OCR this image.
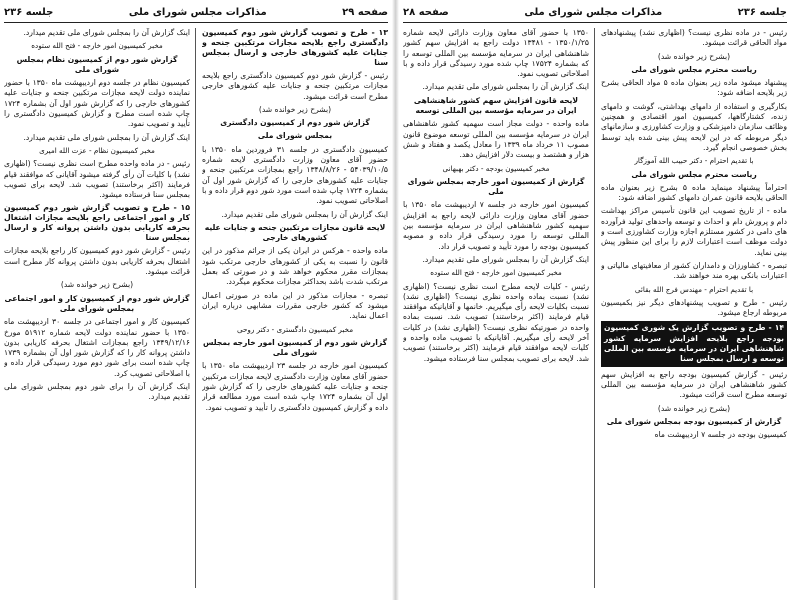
صفحه ۲۹
مذاکرات مجلس شورای ملی
جلسه ۲۳۶

۱۳ - طرح و تصویب گزارش شور دوم کمیسیون دادگستری راجع بلایحه مجازات مرتکبین جنحه و جنایات علیه کشورهای خارجی و ارسال بمجلس سنا

رئیس - گزارش شور دوم کمیسیون دادگستری راجع بلایحه مجازات مرتکبین جنحه و جنایات علیه کشورهای خارجی مطرح است قرائت میشود.

(بشرح زیر خوانده شد)

گزارش شور دوم از کمیسیون دادگستری

بمجلس شورای ملی

کمیسیون دادگستری در جلسه ۳۱ فروردین ماه ۱۳۵۰ با حضور آقای معاون وزارت دادگستری لایحه شماره ۵۴۰۳۹/۱۰/۵ - ۱۳۴۸/۸/۲۶ راجع بمجازات مرتکبین جنحه و جنایات علیه کشورهای خارجی را که گزارش شور اول آن بشماره ۱۷۲۴ چاپ شده است مورد شور دوم قرار داده و با اصلاحاتی تصویب نمود.

اینک گزارش آن را بمجلس شورای ملی تقدیم میدارد.

لایحه قانون مجازات مرتکبین جنحه و جنایات علیه کشورهای خارجی

ماده واحده - هرکس در ایران یکی از جرائم مذکور در این قانون را نسبت به یکی از کشورهای خارجی مرتکب شود بمجازات مقرر محکوم خواهد شد و در صورتی که بعمل مرتکب شدت باشد بحداکثر مجازات محکوم میگردد.

تبصره - مجازات مذکور در این ماده در صورتی اعمال میشود که کشور خارجی مقررات مشابهی درباره ایران اعمال نماید.

مخبر کمیسیون دادگستری - دکتر روحی

گزارش شور دوم از کمیسیون امور خارجه بمجلس شورای ملی

کمیسیون امور خارجه در جلسه ۲۳ اردیبهشت ماه ۱۳۵۰ با حضور آقای معاون وزارت دادگستری لایحه مجازات مرتکبین جنحه و جنایات علیه کشورهای خارجی را که گزارش شور اول آن بشماره ۱۷۲۴ چاپ شده است مورد مطالعه قرار داده و گزارش کمیسیون دادگستری را تأیید و تصویب نمود.

اینک گزارش آن را بمجلس شورای ملی تقدیم میدارد.

مخبر کمیسیون امور خارجه - فتح الله ستوده

گزارش شور دوم از کمیسیون نظام بمجلس شورای ملی

کمیسیون نظام در جلسه دوم اردیبهشت ماه ۱۳۵۰ با حضور نماینده دولت لایحه مجازات مرتکبین جنحه و جنایات علیه کشورهای خارجی را که گزارش شور اول آن بشماره ۱۷۲۴ چاپ شده است مطرح و گزارش کمیسیون دادگستری را تأیید و تصویب نمود.

اینک گزارش آن را بمجلس شورای ملی تقدیم میدارد.

مخبر کمیسیون نظام - عزت الله امیری

رئیس - در ماده واحده مطرح است نظری نیست؟ (اظهاری نشد) با کلیات آن رأی گرفته میشود آقایانی که موافقند قیام فرمایند (اکثر برخاستند) تصویب شد. لایحه برای تصویب بمجلس سنا فرستاده میشود.

۱۵ - طرح و تصویب گزارش شور دوم کمیسیون کار و امور اجتماعی راجع بلایحه مجازات اشتغال بحرفه کاریابی بدون داشتن پروانه کار و ارسال بمجلس سنا

رئیس - گزارش شور دوم کمیسیون کار راجع بلایحه مجازات اشتغال بحرفه کاریابی بدون داشتن پروانه کار مطرح است قرائت میشود.

(بشرح زیر خوانده شد)

گزارش شور دوم از کمیسیون کار و امور اجتماعی بمجلس شورای ملی

کمیسیون کار و امور اجتماعی در جلسه ۳۰ اردیبهشت ماه ۱۳۵۰ با حضور نماینده دولت لایحه شماره ۵۱۹۱۲ مورخ ۱۳۴۹/۱۲/۱۶ راجع بمجازات اشتغال بحرفه کاریابی بدون داشتن پروانه کار را که گزارش شور اول آن بشماره ۱۷۳۹ چاپ شده است برای شور دوم مورد رسیدگی قرار داده و با اصلاحاتی تصویب کرد.

اینک گزارش آن را برای شور دوم بمجلس شورای ملی تقدیم میدارد.

جلسه ۲۳۶
مذاکرات مجلس شورای ملی
صفحه ۲۸

رئیس - در ماده نظری نیست؟ (اظهاری نشد) پیشنهادهای مواد الحاقی قرائت میشود.

(بشرح زیر خوانده شد)

ریاست محترم مجلس شورای ملی

پیشنهاد میشود ماده زیر بعنوان ماده ۵ مواد الحاقی بشرح زیر بلایحه اضافه شود:

بکارگیری و استفاده از دامهای بهداشتی، گوشت و دامهای زنده، کشتارگاهها، کمیسیون امور اقتصادی و همچنین وظائف سازمان دامپزشکی و وزارت کشاورزی و سازمانهای دیگر مربوطه که در این لایحه پیش بینی شده باید توسط بخش خصوصی انجام گیرد.

با تقدیم احترام - دکتر حبیب الله آموزگار

ریاست محترم مجلس شورای ملی

احتراماً پیشنهاد مینماید ماده ۵ بشرح زیر بعنوان ماده الحاقی بلایحه قانون عمران دامهای کشور اضافه شود:

ماده - از تاریخ تصویب این قانون تأسیس مراکز بهداشت دام و پرورش دام و احداث و توسعه واحدهای تولید فرآورده های دامی در کشور مستلزم اجازه وزارت کشاورزی است و دولت موظف است اعتبارات لازم را برای این منظور پیش بینی نماید.

تبصره - کشاورزان و دامداران کشور از معافیتهای مالیاتی و اعتبارات بانکی بهره مند خواهند شد.

با تقدیم احترام - مهندس فرج الله بقائی

رئیس - طرح و تصویب پیشنهادهای دیگر نیز بکمیسیون مربوطه ارجاع میشود.

۱۴ - طرح و تصویب گزارش یک شوری کمیسیون بودجه راجع بلایحه افزایش سرمایه کشور شاهنشاهی ایران در سرمایه مؤسسه بین المللی توسعه و ارسال بمجلس سنا

رئیس - گزارش کمیسیون بودجه راجع به افزایش سهم کشور شاهنشاهی ایران در سرمایه مؤسسه بین المللی توسعه مطرح است قرائت میشود.

(بشرح زیر خوانده شد)

گزارش از کمیسیون بودجه بمجلس شورای ملی

کمیسیون بودجه در جلسه ۷ اردیبهشت ماه

۱۳۵۰ با حضور آقای معاون وزارت دارائی لایحه شماره ۱۳۵۰/۱/۲۵ - ۱۳۴۸۱ دولت راجع به افزایش سهم کشور شاهنشاهی ایران در سرمایه مؤسسه بین المللی توسعه را که بشماره ۱۷۵۲۴ چاپ شده مورد رسیدگی قرار داده و با اصلاحاتی تصویب نمود.

اینک گزارش آن را بمجلس شورای ملی تقدیم میدارد.

لایحه قانون افزایش سهم کشور شاهنشاهی ایران در سرمایه مؤسسه بین المللی توسعه

ماده واحده - دولت مجاز است سهمیه کشور شاهنشاهی ایران در سرمایه مؤسسه بین المللی توسعه موضوع قانون مصوب ۱۱ خرداد ماه ۱۳۳۹ را معادل یکصد و هفتاد و شش هزار و هشتصد و بیست دلار افزایش دهد.

مخبر کمیسیون بودجه - دکتر بهبهانی

گزارش از کمیسیون امور خارجه بمجلس شورای ملی

کمیسیون امور خارجه در جلسه ۷ اردیبهشت ماه ۱۳۵۰ با حضور آقای معاون وزارت دارائی لایحه راجع به افزایش سهمیه کشور شاهنشاهی ایران در سرمایه مؤسسه بین المللی توسعه را مورد رسیدگی قرار داده و مصوبه کمیسیون بودجه را مورد تأیید و تصویب قرار داد.

اینک گزارش آن را بمجلس شورای ملی تقدیم میدارد.

مخبر کمیسیون امور خارجه - فتح الله ستوده

رئیس - کلیات لایحه مطرح است نظری نیست؟ (اظهاری نشد) نسبت بماده واحده نظری نیست؟ (اظهاری نشد) نسبت بکلیات لایحه رأی میگیریم. خانمها و آقایانیکه موافقند قیام فرمایند (اکثر برخاستند) تصویب شد. نسبت بماده واحده در صورتیکه نظری نیست؟ (اظهاری نشد) در کلیات آخر لایحه رأی میگیریم. آقایانیکه با تصویب ماده واحده و کلیات لایحه موافقند قیام فرمایند (اکثر برخاستند) تصویب شد. لایحه برای تصویب بمجلس سنا فرستاده میشود.
